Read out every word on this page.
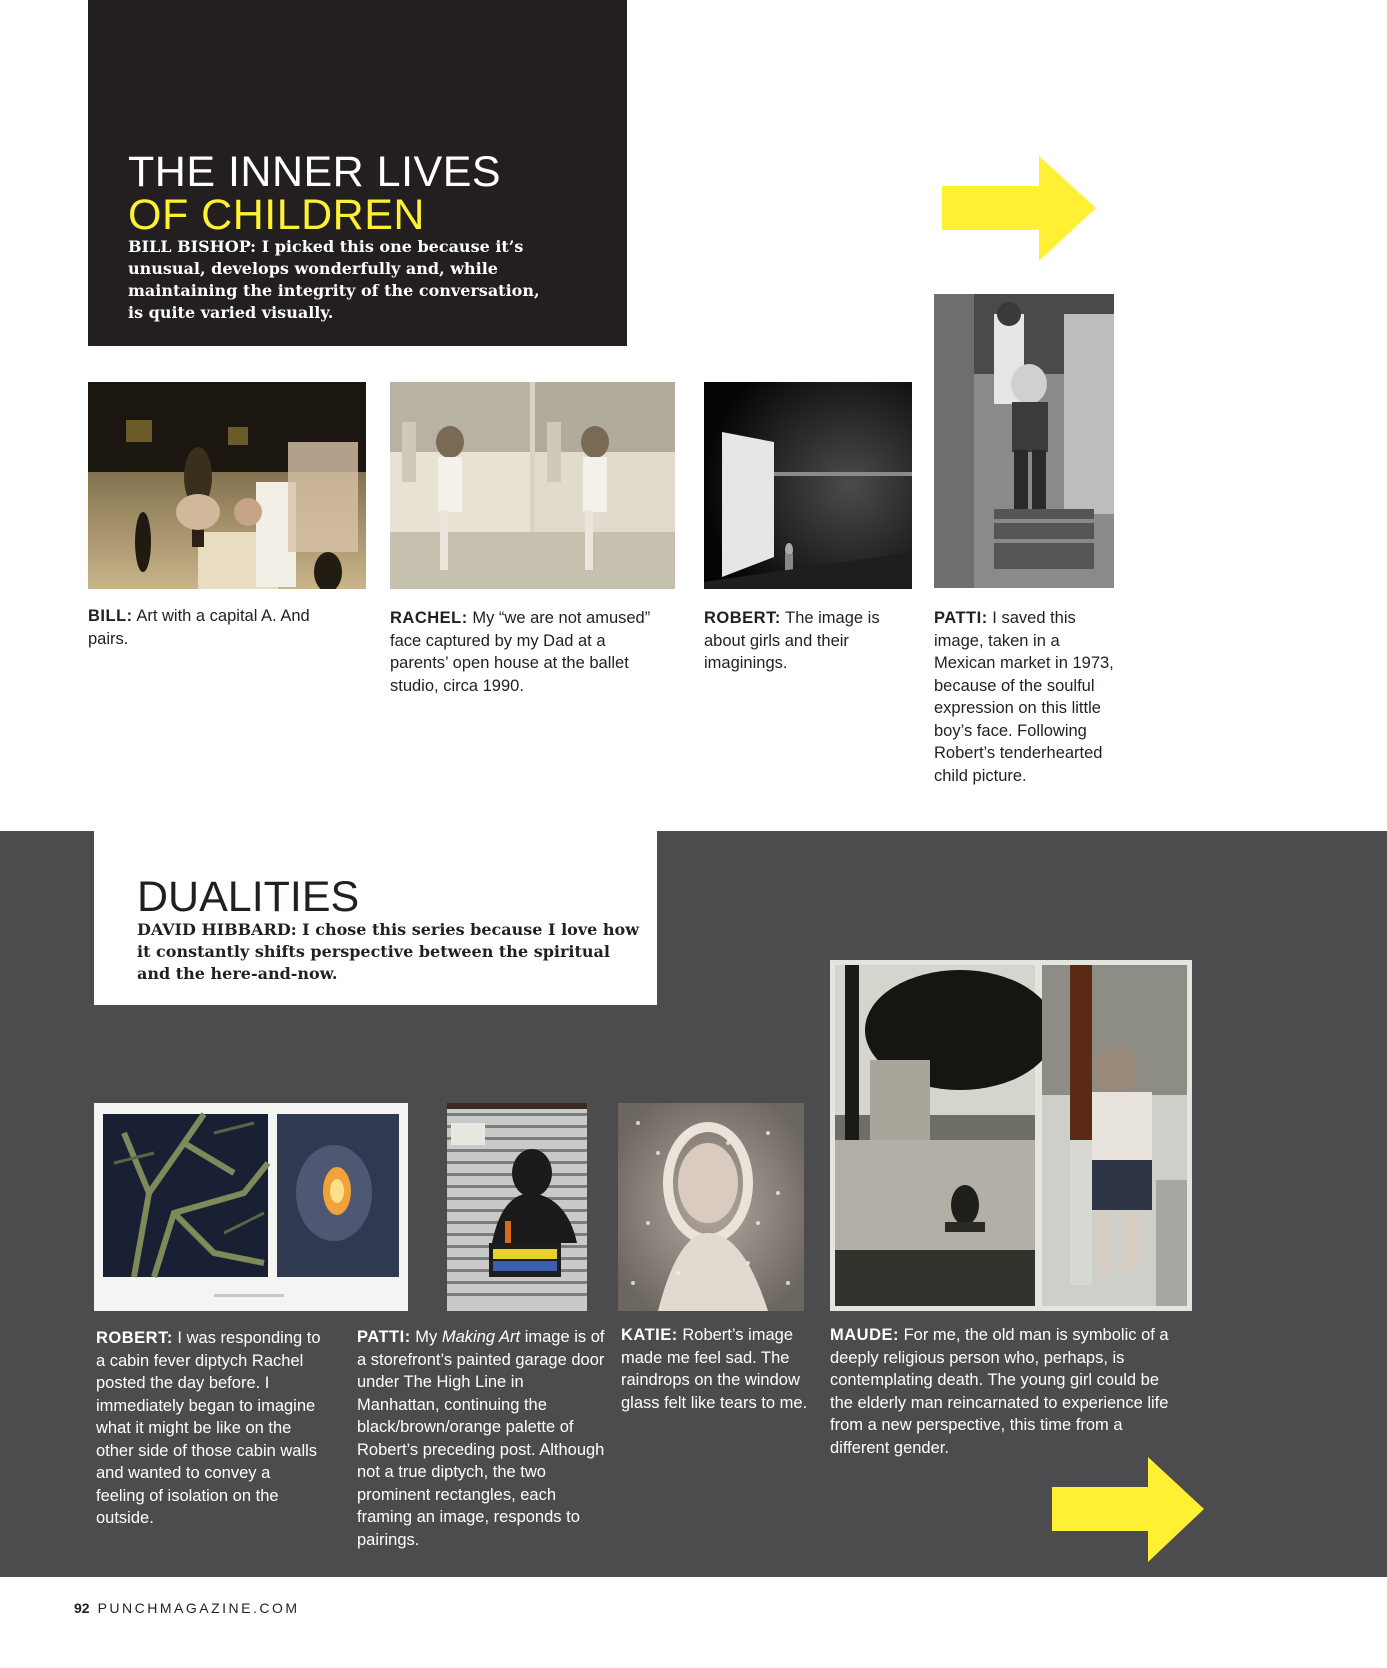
THE INNER LIVES
OF CHILDREN
BILL BISHOP: I picked this one because it’s unusual, develops wonderfully and, while maintaining the integrity of the conversation, is quite varied visually.
BILL: Art with a capital A. And pairs.
RACHEL: My “we are not amused” face captured by my Dad at a parents’ open house at the ballet studio, circa 1990.
ROBERT: The image is about girls and their imaginings.
PATTI: I saved this image, taken in a Mexican market in 1973, because of the soulful expression on this little boy’s face. Following Robert’s tenderhearted child picture.
DUALITIES
DAVID HIBBARD: I chose this series because I love how it constantly shifts perspective between the spiritual and the here-and-now.
ROBERT: I was responding to a cabin fever diptych Rachel posted the day before. I immediately began to imagine what it might be like on the other side of those cabin walls and wanted to convey a feeling of isolation on the outside.
PATTI: My Making Art image is of a storefront’s painted garage door under The High Line in Manhattan, continuing the black/brown/orange palette of Robert’s preceding post. Although not a true diptych, the two prominent rectangles, each framing an image, responds to pairings.
KATIE: Robert’s image made me feel sad. The raindrops on the window glass felt like tears to me.
MAUDE: For me, the old man is symbolic of a deeply religious person who, perhaps, is contemplating death. The young girl could be the elderly man reincarnated to experience life from a new perspective, this time from a different gender.
92 PUNCHMAGAZINE.COM
